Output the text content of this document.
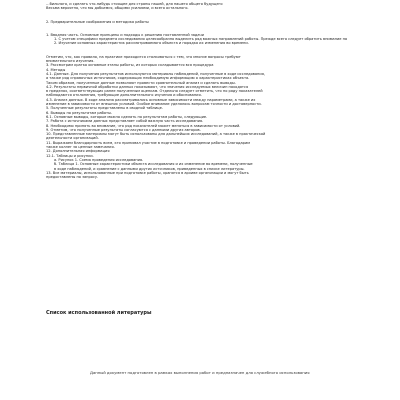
…бильного, и сделать что-нибудь стоящее для страны нашей, для нашего общего будущего
Весьма вероятно, что мы добьемся, общими усилиями, и всего остального.
2. Предварительные соображения и методика работы
1. Вводная часть. Основные принципы и подходы к решению поставленной задачи
1. С учетом специфики предмета исследования целесообразно выделить ряд важных направлений работы. Прежде всего следует обратить внимание на
2. Изучение основных характеристик рассматриваемого объекта и порядка их изменения во времени.
Отметим, что, как правило, на практике приходится сталкиваться с тем, что многие вопросы требуют
внимательного изучения.
3. Рассмотрим кратко основные этапы работы, из которых складывается вся процедура
4. Методы
4.1. Данные. Для получения результатов используются материалы наблюдений, полученные в ходе исследования,
а также ряд справочных источников, содержащих необходимую информацию о характеристиках объекта.
Таким образом, полученные данные позволяют провести сравнительный анализ и сделать выводы.
4.2. Результаты первичной обработки данных показывают, что значения исследуемых величин находятся
в пределах, соответствующих ранее полученным оценкам. Отдельно следует отметить, что по ряду показателей
наблюдаются отклонения, требующие дополнительного изучения и обоснования.
4.3. Анализ данных. В ходе анализа рассматривались основные зависимости между параметрами, а также их
изменение в зависимости от внешних условий. Особое внимание уделялось вопросам точности и достоверности.
5. Полученные результаты представлены в сводной таблице.
6. Выводы по результатам работы.
6.1. Основные выводы, которые можно сделать по результатам работы, следующие.
7. Работа с источниками данных представляет собой важную часть исследования.
8. Необходимо принять во внимание, что ряд показателей может меняться в зависимости от условий.
9. Отметим, что полученные результаты согласуются с данными других авторов.
10. Представленные материалы могут быть использованы для дальнейших исследований, а также в практической
деятельности организаций.
11. Выражаем благодарность всем, кто принимал участие в подготовке и проведении работы. Благодарим
также коллег за ценные замечания.
12. Дополнительная информация
12.1. Таблицы и рисунки.
а. Рисунок 1. Схема проведения исследования.
б. Таблица 1. Основные характеристики объекта исследования и их изменение во времени, полученные
в ходе наблюдений, и сравнение с данными других источников, приведенных в списке литературы.
13. Все материалы, использованные при подготовке работы, хранятся в архиве организации и могут быть
предоставлены по запросу.
Список использованной литературы
Данный документ подготовлен в рамках выполнения работ и предназначен для служебного использования
